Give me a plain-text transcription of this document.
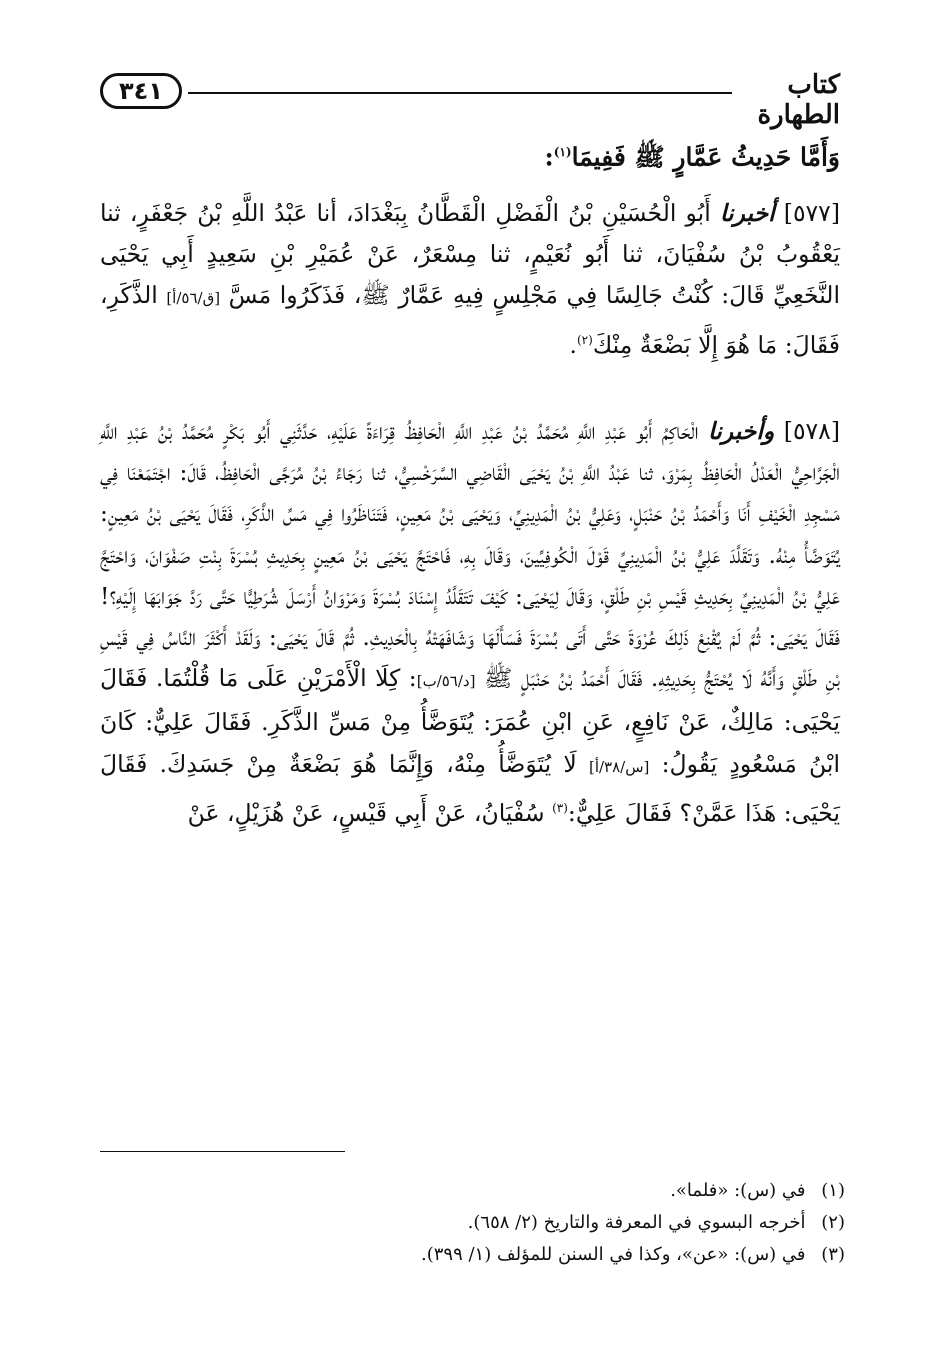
٣٤١	كتاب الطهارة
وَأَمَّا حَدِيثُ عَمَّارٍ ﷺ فَفِيمَا$^{(١)}$:

[٥٧٧] أخبرنا أَبُو الْحُسَيْنِ بْنُ الْفَضْلِ الْقَطَّانُ بِبَغْدَادَ، أنا عَبْدُ اللَّهِ بْنُ جَعْفَرٍ، ثنا يَعْقُوبُ بْنُ سُفْيَانَ، ثنا أَبُو نُعَيْمٍ، ثنا مِسْعَرٌ، عَنْ عُمَيْرِ بْنِ سَعِيدٍ أَبِي يَحْيَى النَّخَعِيِّ قَالَ: كُنْتُ جَالِسًا فِي مَجْلِسٍ فِيهِ عَمَّارٌ ﷺ، فَذَكَرُوا مَسَّ [ق/٥٦/أ] الذَّكَرِ، فَقَالَ: مَا هُوَ إِلَّا بَضْعَةٌ مِنْكَ$^{(٢)}$.

[٥٧٨] وأخبرنا الْحَاكِمُ أَبُو عَبْدِ اللَّهِ مُحَمَّدُ بْنُ عَبْدِ اللَّهِ الْحَافِظُ قِرَاءَةً عَلَيْهِ، حَدَّثَنِي أَبُو بَكْرٍ مُحَمَّدُ بْنُ عَبْدِ اللَّهِ الْجَرَّاحِيُّ الْعَدْلُ الْحَافِظُ بِمَرْوَ، ثنا عَبْدُ اللَّهِ بْنُ يَحْيَى الْقَاضِي السَّرَخْسِيُّ، ثنا رَجَاءُ بْنُ مُرَجَّى الْحَافِظُ، قَالَ: اجْتَمَعْنَا فِي مَسْجِدِ الْخَيْفِ أَنَا وَأَحْمَدُ بْنُ حَنْبَلٍ، وَعَلِيُّ بْنُ الْمَدِينِيِّ، وَيَحْيَى بْنُ مَعِينٍ، فَتَنَاظَرُوا فِي مَسِّ الذَّكَرِ، فَقَالَ يَحْيَى بْنُ مَعِينٍ: يُتَوَضَّأُ مِنْهُ. وَتَقَلَّدَ عَلِيُّ بْنُ الْمَدِينِيِّ قَوْلَ الْكُوفِيِّينَ، وَقَالَ بِهِ، فَاحْتَجَّ يَحْيَى بْنُ مَعِينٍ بِحَدِيثِ بُسْرَةَ بِنْتِ صَفْوَانَ، وَاحْتَجَّ عَلِيُّ بْنُ الْمَدِينِيِّ بِحَدِيثِ قَيْسِ بْنِ طَلْقٍ، وَقَالَ لِيَحْيَى: كَيْفَ تَتَقَلَّدُ إِسْنَادَ بُسْرَةَ وَمَرْوَانُ أَرْسَلَ شُرَطِيًّا حَتَّى رَدَّ جَوَابَهَا إِلَيْهِ؟! فَقَالَ يَحْيَى: ثُمَّ لَمْ يُقْنِعْ ذَلِكَ عُرْوَةَ حَتَّى أَتَى بُسْرَةَ فَسَأَلَهَا وَشَافَهَتْهُ بِالْحَدِيثِ. ثُمَّ قَالَ يَحْيَى: وَلَقَدْ أَكْثَرَ النَّاسُ فِي قَيْسِ بْنِ طَلْقٍ وَأَنَّهُ لَا يُحْتَجُّ بِحَدِيثِهِ. فَقَالَ أَحْمَدُ بْنُ حَنْبَلٍ ﷺ [د/٥٦/ب]: كِلَا الْأَمْرَيْنِ عَلَى مَا قُلْتُمَا. فَقَالَ يَحْيَى: مَالِكٌ، عَنْ نَافِعٍ، عَنِ ابْنِ عُمَرَ: يُتَوَضَّأُ مِنْ مَسِّ الذَّكَرِ. فَقَالَ عَلِيٌّ: كَانَ ابْنُ مَسْعُودٍ يَقُولُ: [س/٣٨/أ] لَا يُتَوَضَّأُ مِنْهُ، وَإِنَّمَا هُوَ بَضْعَةٌ مِنْ جَسَدِكَ. فَقَالَ يَحْيَى: هَذَا عَمَّنْ؟ فَقَالَ عَلِيٌّ:$^{(٣)}$ سُفْيَانُ، عَنْ أَبِي قَيْسٍ، عَنْ هُزَيْلٍ، عَنْ

(١) في (س): «فلما».
(٢) أخرجه البسوي في المعرفة والتاريخ (٢/ ٦٥٨).
(٣) في (س): «عن»، وكذا في السنن للمؤلف (١/ ٣٩٩).
